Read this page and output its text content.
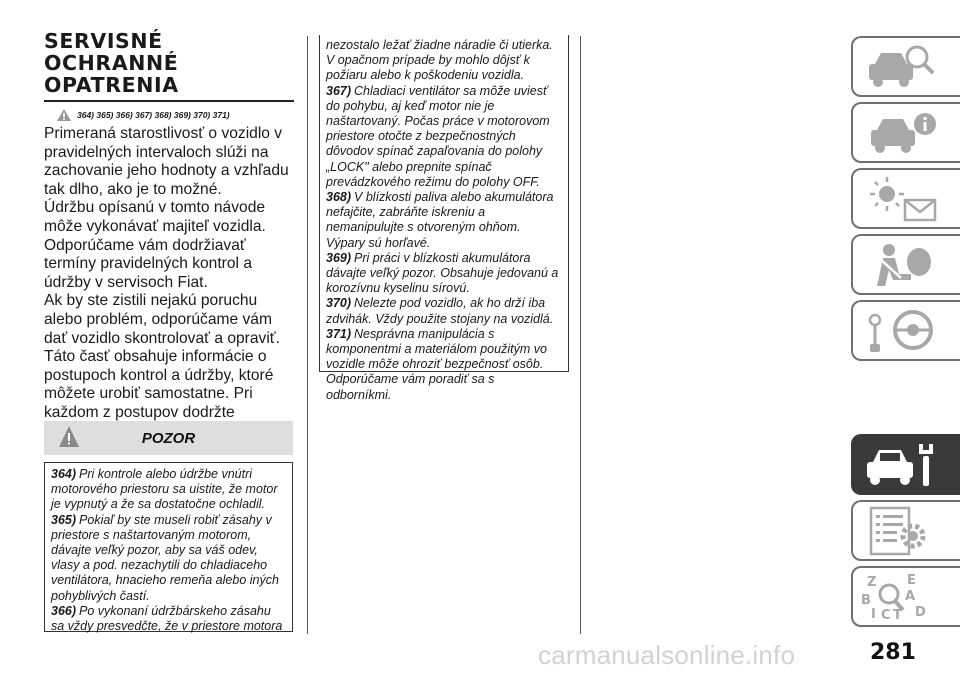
SERVISNÉ
OCHRANNÉ
OPATRENIA
364) 365) 366) 367) 368) 369) 370) 371)

Primeraná starostlivosť o vozidlo v pravidelných intervaloch slúži na zachovanie jeho hodnoty a vzhľadu tak dlho, ako je to možné.

Údržbu opísanú v tomto návode môže vykonávať majiteľ vozidla.

Odporúčame vám dodržiavať termíny pravidelných kontrol a údržby v servisoch Fiat.

Ak by ste zistili nejakú poruchu alebo problém, odporúčame vám dať vozidlo skontrolovať a opraviť. Táto časť obsahuje informácie o postupoch kontrol a údržby, ktoré môžete urobiť samostatne. Pri každom z postupov dodržte

POZOR

364) Pri kontrole alebo údržbe vnútri motorového priestoru sa uistite, že motor je vypnutý a že sa dostatočne ochladil.

365) Pokiaľ by ste museli robiť zásahy v priestore s naštartovaným motorom, dávajte veľký pozor, aby sa váš odev, vlasy a pod. nezachytili do chladiaceho ventilátora, hnacieho remeňa alebo iných pohyblivých častí.

366) Po vykonaní údržbárskeho zásahu sa vždy presvedčte, že v priestore motora

nezostalo ležať žiadne náradie či utierka. V opačnom prípade by mohlo dôjsť k požiaru alebo k poškodeniu vozidla.

367) Chladiaci ventilátor sa môže uviesť do pohybu, aj keď motor nie je naštartovaný. Počas práce v motorovom priestore otočte z bezpečnostných dôvodov spínač zapaľovania do polohy „LOCK" alebo prepnite spínač prevádzkového režimu do polohy OFF.

368) V blízkosti paliva alebo akumulátora nefajčite, zabráňte iskreniu a nemanipulujte s otvoreným ohňom. Výpary sú horľavé.

369) Pri práci v blízkosti akumulátora dávajte veľký pozor. Obsahuje jedovanú a korozívnu kyselinu sírovú.

370) Nelezte pod vozidlo, ak ho drží iba zdvihák. Vždy použite stojany na vozidlá.

371) Nesprávna manipulácia s komponentmi a materiálom použitým vo vozidle môže ohroziť bezpečnosť osôb. Odporúčame vám poradiť sa s odborníkmi.

Z E
A
B
C D
I T
281
carmanualsonline.info
